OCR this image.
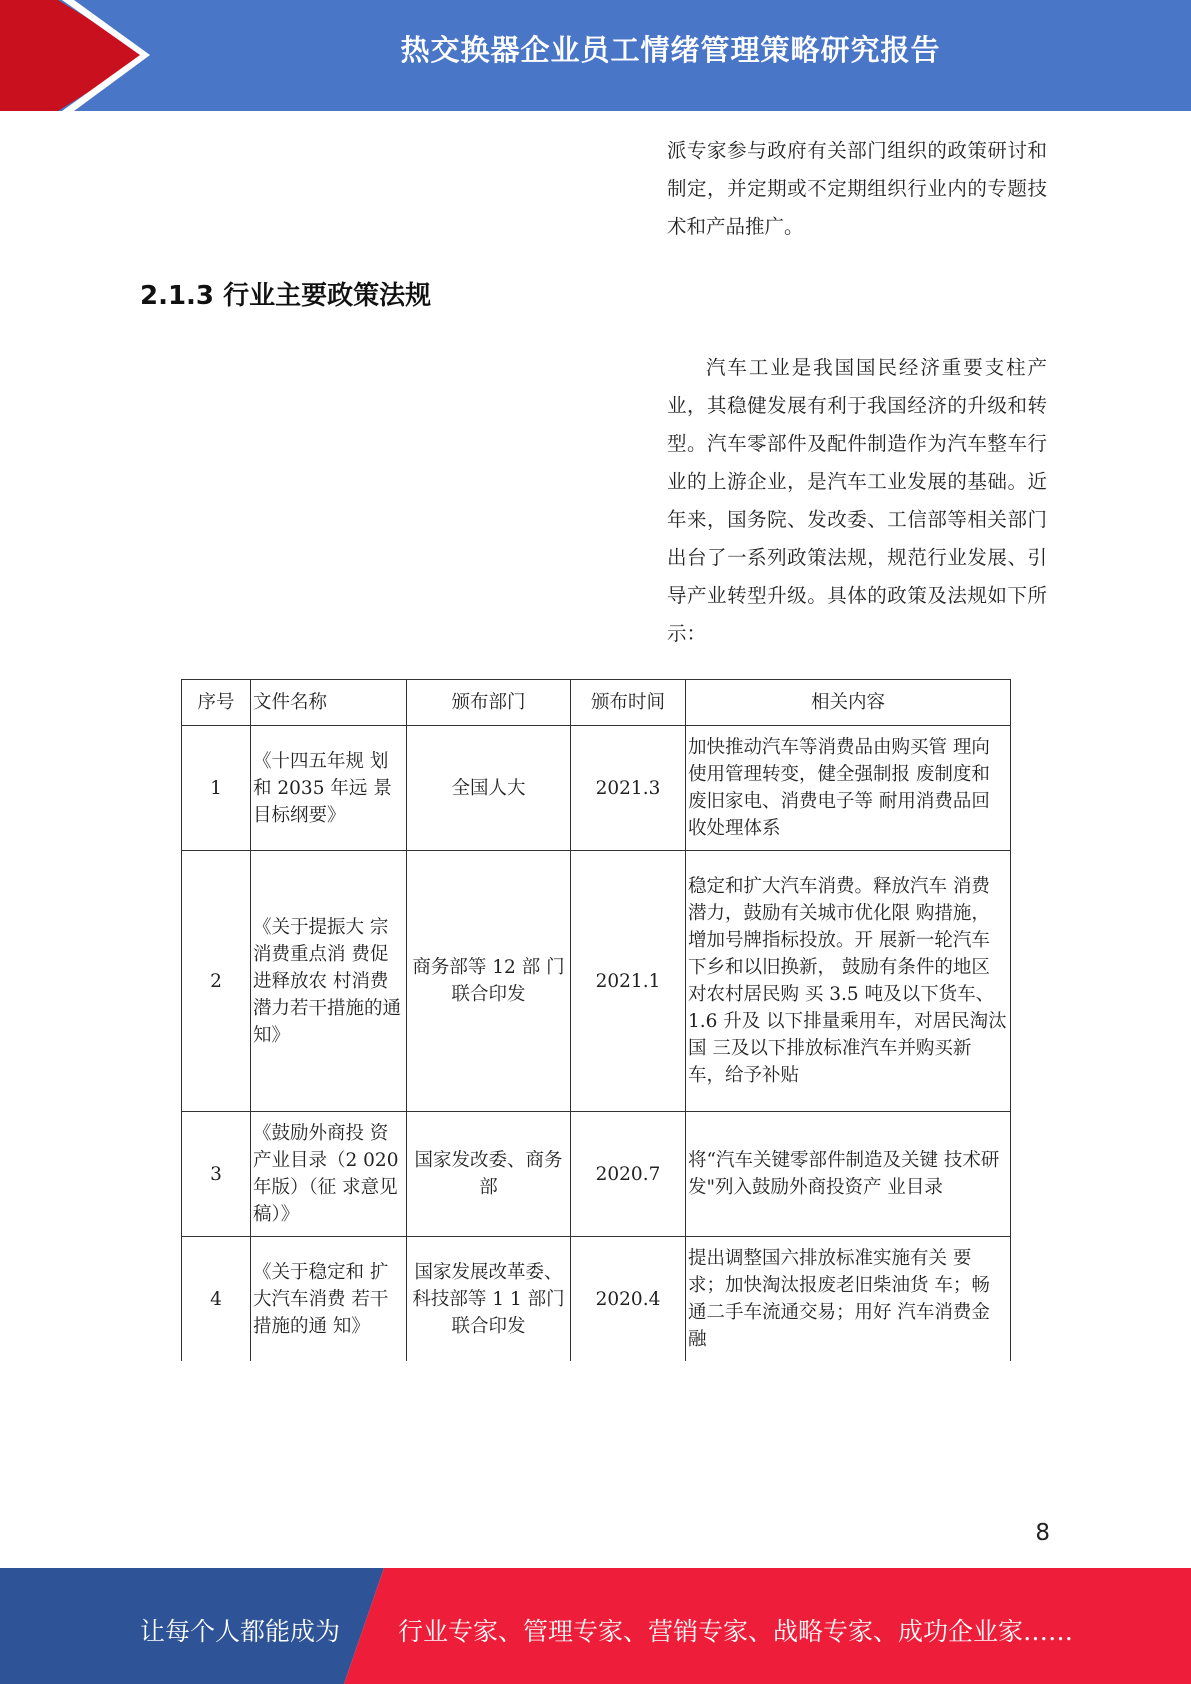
热交换器企业员工情绪管理策略研究报告
派专家参与政府有关部门组织的政策研讨和制定，并定期或不定期组织行业内的专题技术和产品推广。
2.1.3 行业主要政策法规
汽车工业是我国国民经济重要支柱产业，其稳健发展有利于我国经济的升级和转型。汽车零部件及配件制造作为汽车整车行业的上游企业，是汽车工业发展的基础。近年来，国务院、发改委、工信部等相关部门出台了一系列政策法规，规范行业发展、引导产业转型升级。具体的政策及法规如下所示：
序号	文件名称	颁布部门	颁布时间	相关内容
1	《十四五年规 划和 2035 年远 景目标纲要》	全国人大	2021.3	加快推动汽车等消费品由购买管 理向使用管理转变，健全强制报 废制度和废旧家电、消费电子等 耐用消费品回收处理体系
2	《关于提振大 宗消费重点消 费促进释放农 村消费潜力若干措施的通 知》	商务部等 12 部 门联合印发	2021.1	稳定和扩大汽车消费。释放汽车 消费潜力，鼓励有关城市优化限 购措施，增加号牌指标投放。开 展新一轮汽车下乡和以旧换新， 鼓励有条件的地区对农村居民购 买 3.5 吨及以下货车、1.6 升及 以下排量乘用车，对居民淘汰国 三及以下排放标准汽车并购买新 车，给予补贴
3	《鼓励外商投 资产业目录（2 020 年版）（征 求意见稿）》	国家发改委、商务部	2020.7	将“汽车关键零部件制造及关键 技术研发"列入鼓励外商投资产 业目录
4	《关于稳定和 扩大汽车消费 若干措施的通 知》	国家发展改革委、科技部等 1 1 部门联合印发	2020.4	提出调整国六排放标准实施有关 要求；加快淘汰报废老旧柴油货 车；畅通二手车流通交易；用好 汽车消费金融
8
让每个人都能成为 行业专家、管理专家、营销专家、战略专家、成功企业家……
